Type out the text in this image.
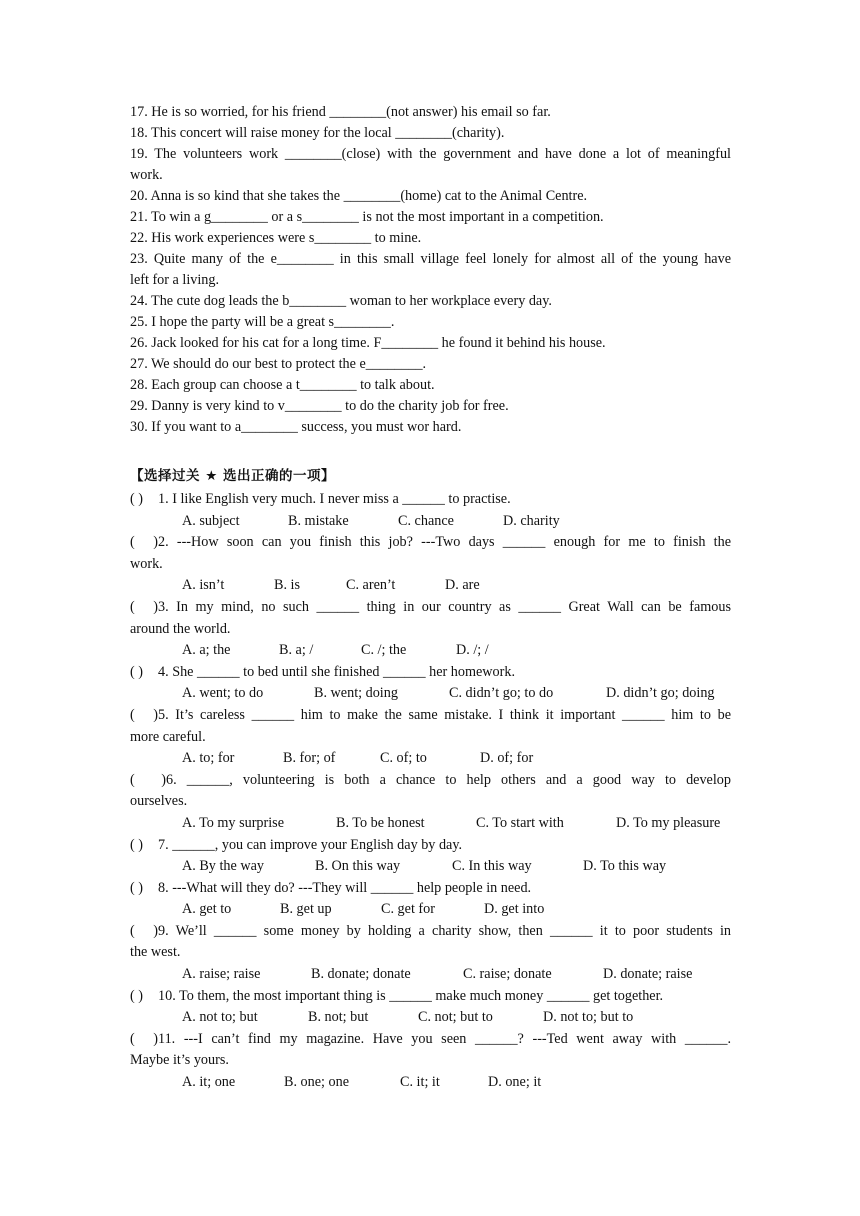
17. He is so worried, for his friend ________(not answer) his email so far.
18. This concert will raise money for the local ________(charity).
19. The volunteers work ________(close) with the government and have done a lot of meaningful
work.
20. Anna is so kind that she takes the ________(home) cat to the Animal Centre.
21. To win a g________ or a s________ is not the most important in a competition.
22. His work experiences were s________ to mine.
23. Quite many of the e________ in this small village feel lonely for almost all of the young have
left for a living.
24. The cute dog leads the b________ woman to her workplace every day.
25. I hope the party will be a great s________.
26. Jack looked for his cat for a long time. F________ he found it behind his house.
27. We should do our best to protect the e________.
28. Each group can choose a t________ to talk about.
29. Danny is very kind to v________ to do the charity job for free.
30. If you want to a________ success, you must wor hard.
【选择过关 ★ 选出正确的一项】
( ) 1. I like English very much. I never miss a ______ to practise.
A. subject	B. mistake	C. chance	D. charity
( )2. ---How soon can you finish this job? ---Two days ______ enough for me to finish the
work.
A. isn’t	B. is	C. aren’t	D. are
( )3. In my mind, no such ______ thing in our country as ______ Great Wall can be famous
around the world.
A. a; the	B. a; /	C. /; the	D. /; /
( ) 4. She ______ to bed until she finished ______ her homework.
A. went; to do	B. went; doing	C. didn’t go; to do	D. didn’t go; doing
( )5. It’s careless ______ him to make the same mistake. I think it important ______ him to be
more careful.
A. to; for	B. for; of	C. of; to	D. of; for
( )6. ______, volunteering is both a chance to help others and a good way to develop
ourselves.
A. To my surprise	B. To be honest	C. To start with	D. To my pleasure
( ) 7. ______, you can improve your English day by day.
A. By the way	B. On this way	C. In this way	D. To this way
( ) 8. ---What will they do? ---They will ______ help people in need.
A. get to	B. get up	C. get for	D. get into
( )9. We’ll ______ some money by holding a charity show, then ______ it to poor students in
the west.
A. raise; raise	B. donate; donate	C. raise; donate	D. donate; raise
( ) 10. To them, the most important thing is ______ make much money ______ get together.
A. not to; but	B. not; but	C. not; but to	D. not to; but to
( )11. ---I can’t find my magazine. Have you seen ______? ---Ted went away with ______.
Maybe it’s yours.
A. it; one	B. one; one	C. it; it	D. one; it
